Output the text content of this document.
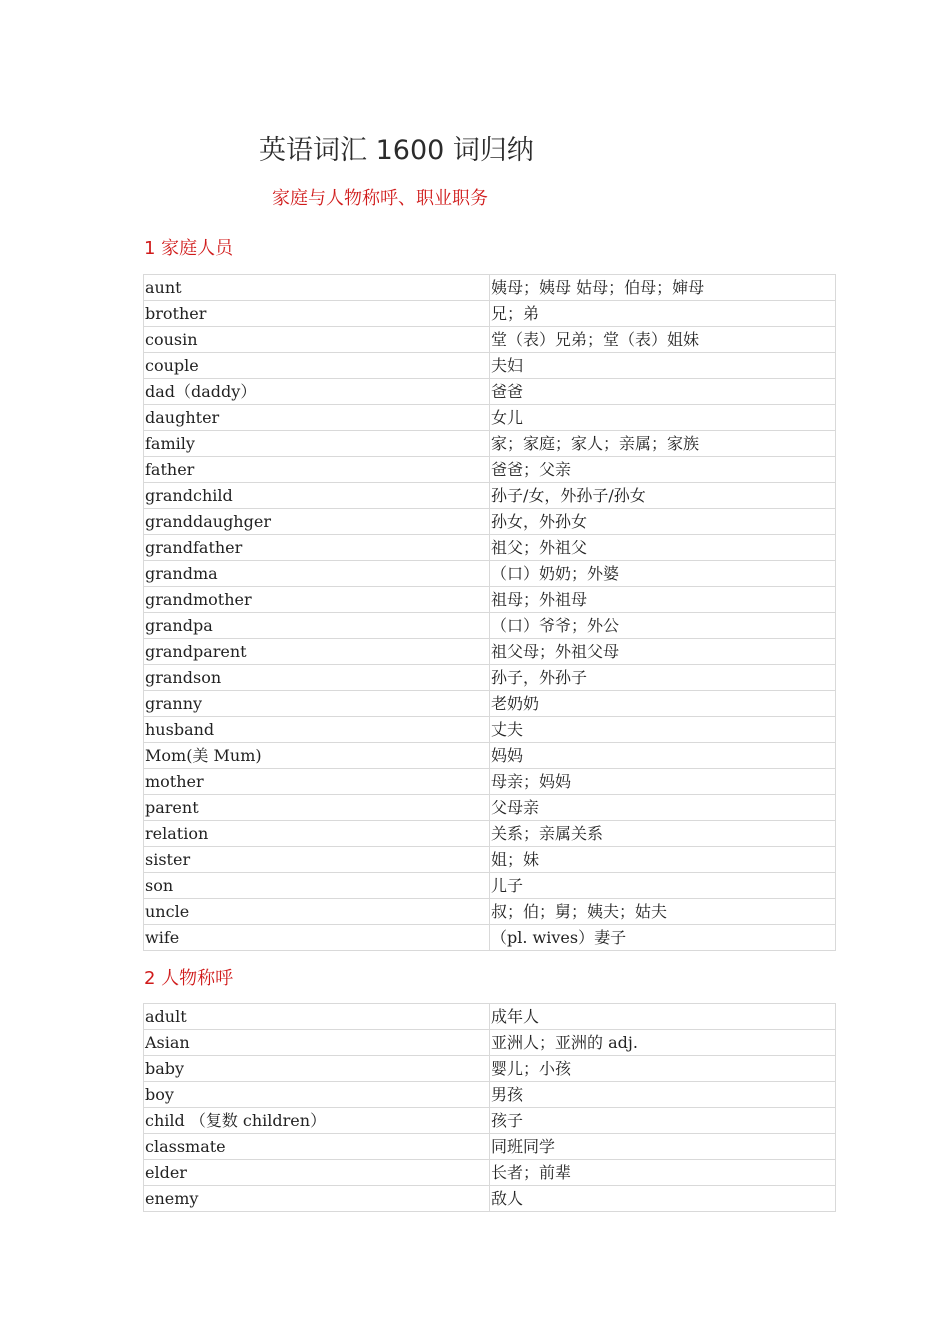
英语词汇 1600 词归纳
家庭与人物称呼、职业职务
1 家庭人员
aunt	姨母；姨母 姑母；伯母；婶母
brother	兄；弟
cousin	堂（表）兄弟；堂（表）姐妹
couple	夫妇
dad（daddy）	爸爸
daughter	女儿
family	家；家庭；家人；亲属；家族
father	爸爸；父亲
grandchild	孙子/女，外孙子/孙女
granddaughger	孙女，外孙女
grandfather	祖父；外祖父
grandma	（口）奶奶；外婆
grandmother	祖母；外祖母
grandpa	（口）爷爷；外公
grandparent	祖父母；外祖父母
grandson	孙子，外孙子
granny	老奶奶
husband	丈夫
Mom(美 Mum)	妈妈
mother	母亲；妈妈
parent	父母亲
relation	关系；亲属关系
sister	姐；妹
son	儿子
uncle	叔；伯；舅；姨夫；姑夫
wife	（pl. wives）妻子
2 人物称呼
adult	成年人
Asian	亚洲人；亚洲的 adj.
baby	婴儿；小孩
boy	男孩
child （复数 children）	孩子
classmate	同班同学
elder	长者；前辈
enemy	敌人
